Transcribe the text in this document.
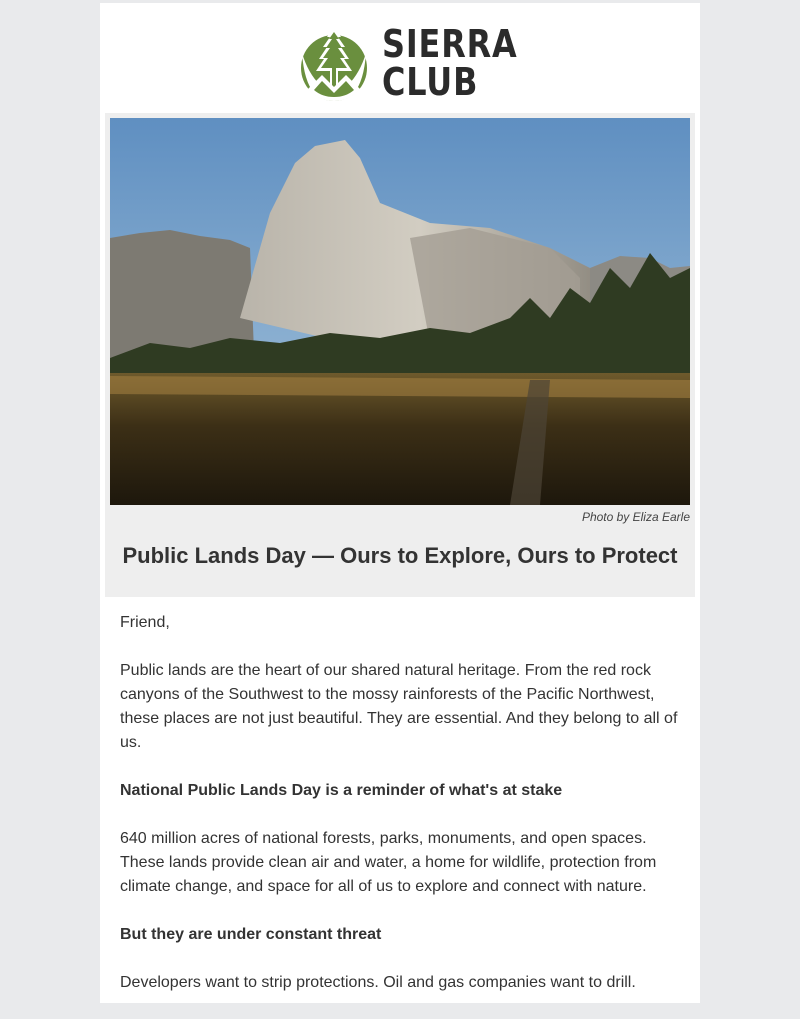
SIERRA
CLUB
Photo by Eliza Earle
Public Lands Day — Ours to Explore, Ours to Protect

Friend,

Public lands are the heart of our shared natural heritage. From the red rock canyons of the Southwest to the mossy rainforests of the Pacific Northwest, these places are not just beautiful. They are essential. And they belong to all of us.

National Public Lands Day is a reminder of what's at stake

640 million acres of national forests, parks, monuments, and open spaces. These lands provide clean air and water, a home for wildlife, protection from climate change, and space for all of us to explore and connect with nature.

But they are under constant threat

Developers want to strip protections. Oil and gas companies want to drill.
